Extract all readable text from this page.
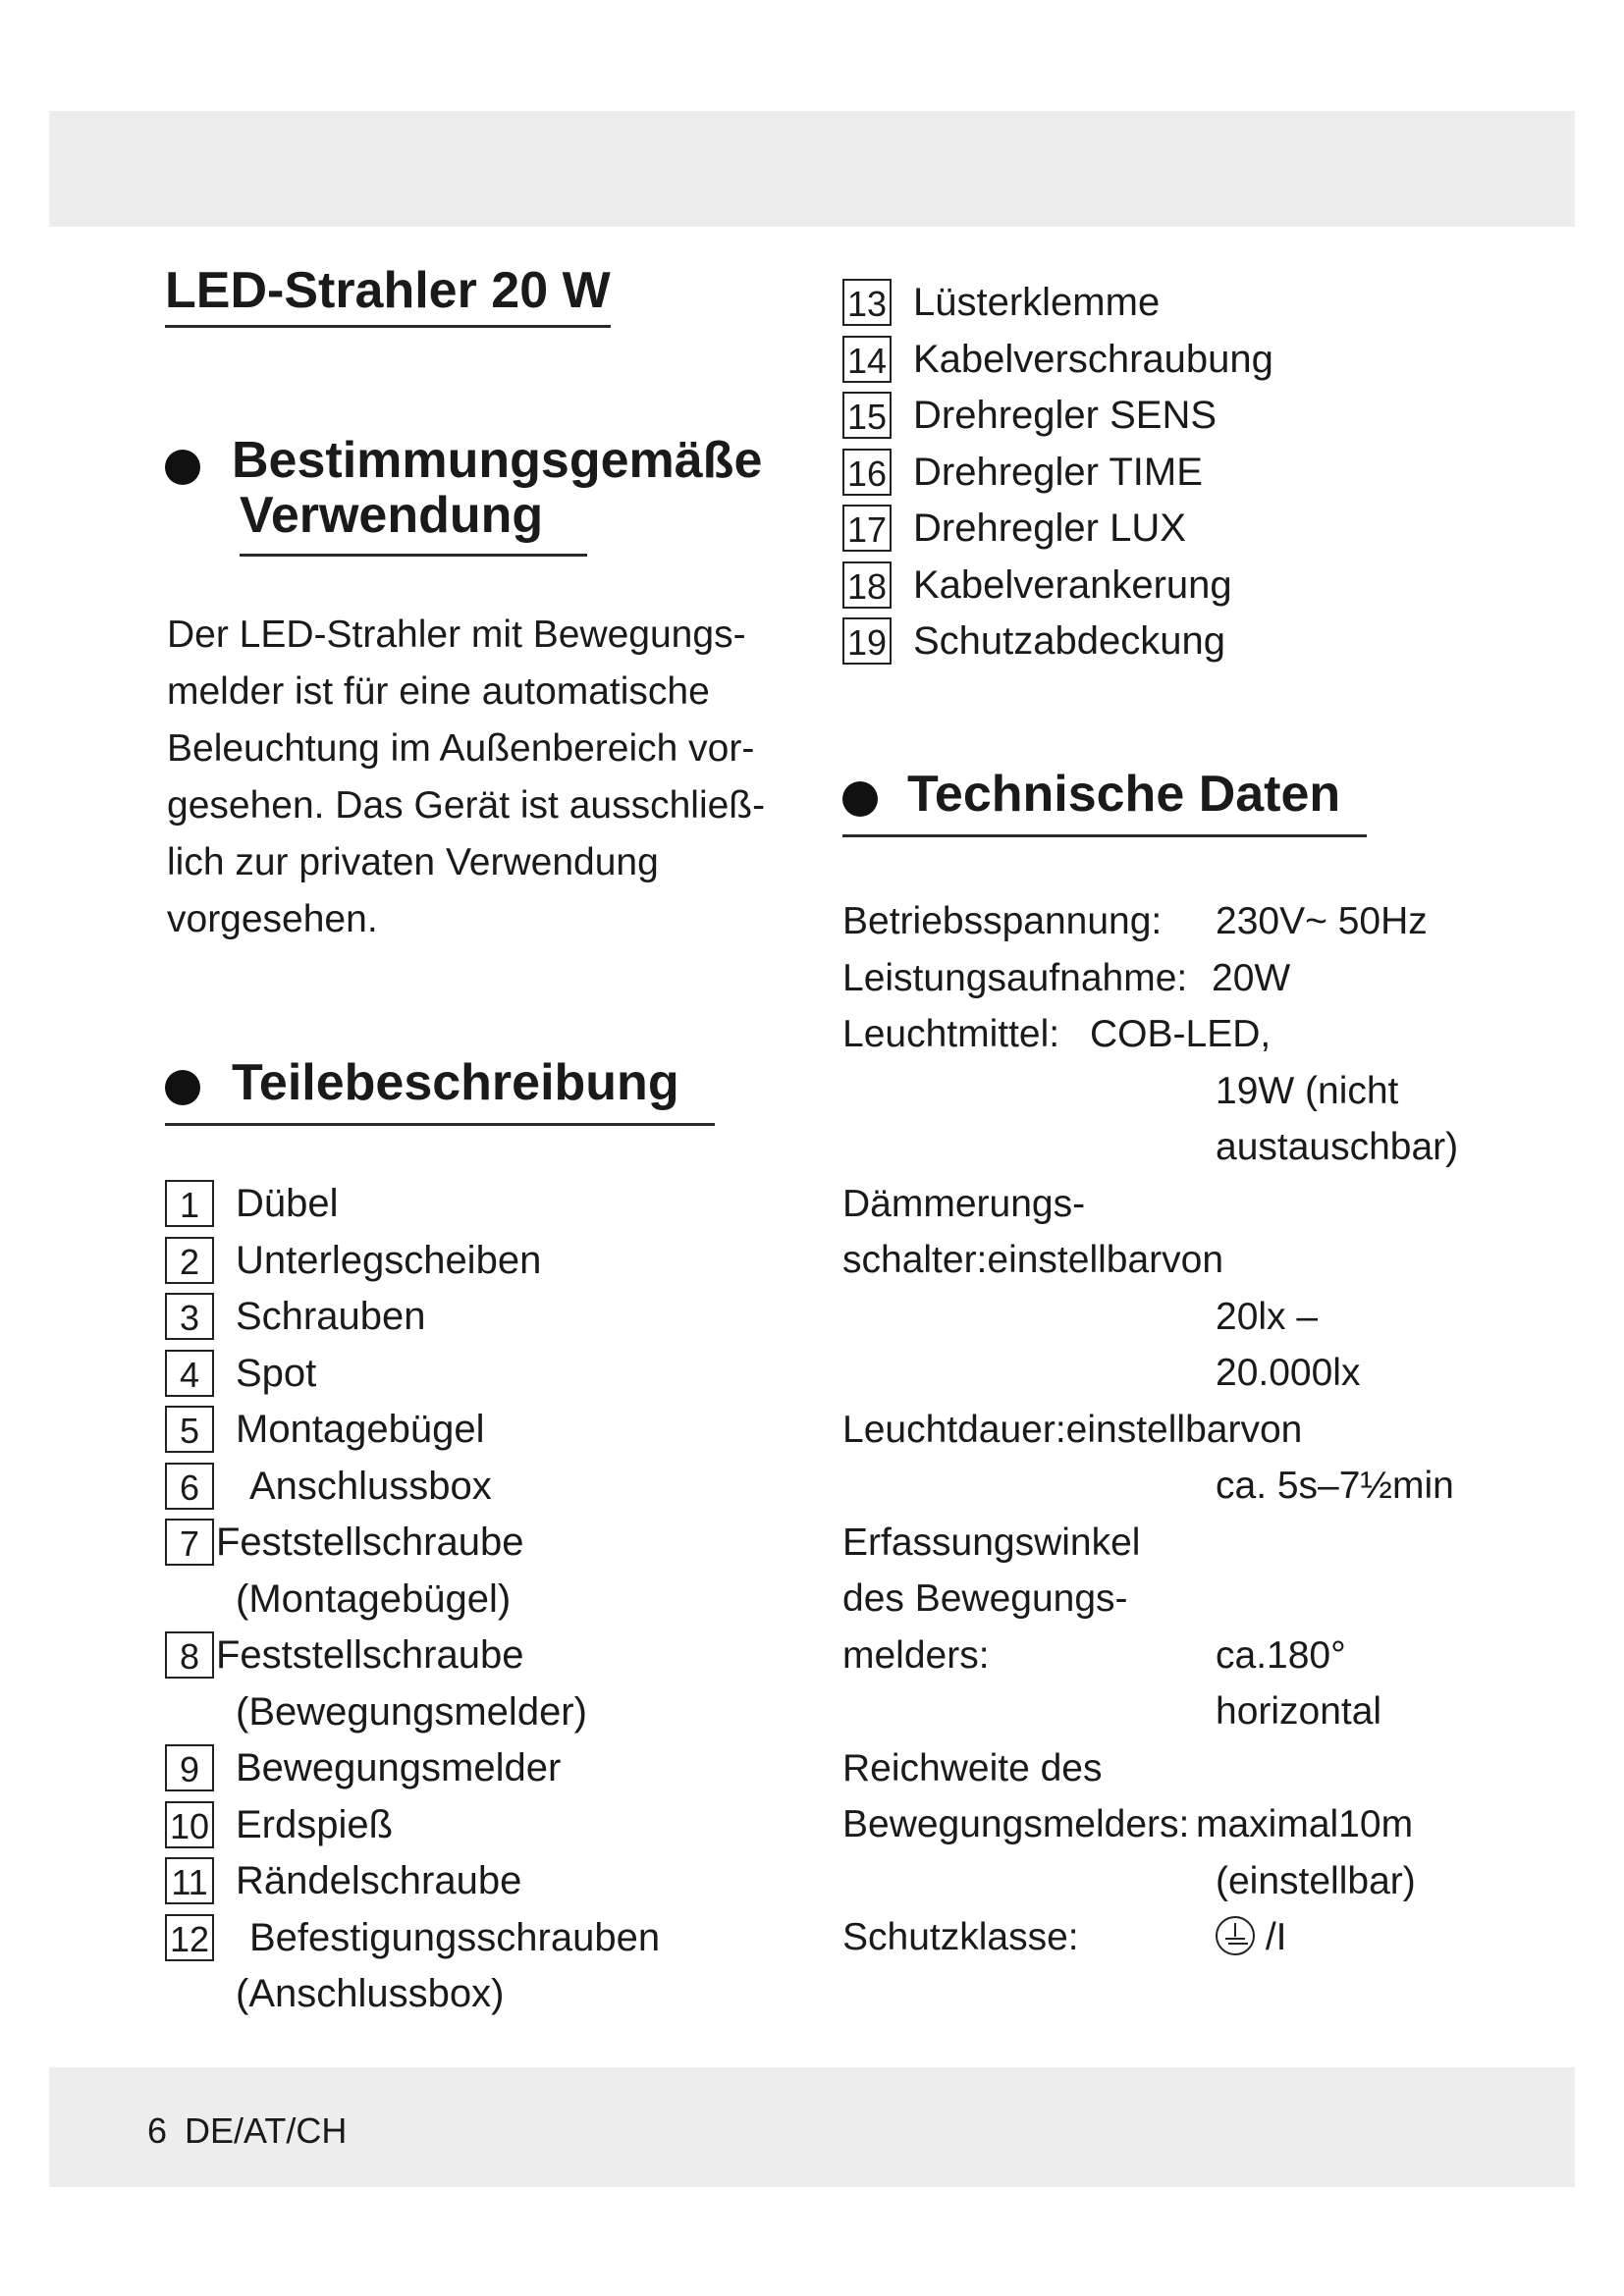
LED-Strahler 20 W
Bestimmungsgemäße
Verwendung

Der LED-Strahler mit Bewegungsmelder ist für eine automatische Beleuchtung im Außenbereich vorgesehen. Das Gerät ist ausschließlich zur privaten Verwendung vorgesehen.

Teilebeschreibung
1 Dübel
2 Unterlegscheiben
3 Schrauben
4 Spot
5 Montagebügel
6	Anschlussbox
7 Feststellschraube
(Montagebügel)
8 Feststellschraube
(Bewegungsmelder)
9 Bewegungsmelder
10 Erdspieß
11 Rändelschraube
12	Befestigungsschrauben
(Anschlussbox)
13 Lüsterklemme
14 Kabelverschraubung
15 Drehregler SENS
16 Drehregler TIME
17 Drehregler LUX
18 Kabelverankerung
19 Schutzabdeckung
Technische Daten
Betriebsspannung: 230V~ 50Hz
Leistungsaufnahme: 20W
Leuchtmittel: COB-LED,
19W (nicht
austauschbar)
Dämmerungs-
schalter:einstellbarvon
20lx –
20.000lx
Leuchtdauer:einstellbarvon
ca. 5s–7½min
Erfassungswinkel
des Bewegungs-
melders:	ca.180°
horizontal
Reichweite des
Bewegungsmelders: maximal10m
(einstellbar)
Schutzklasse:	/I
6 DE/AT/CH
